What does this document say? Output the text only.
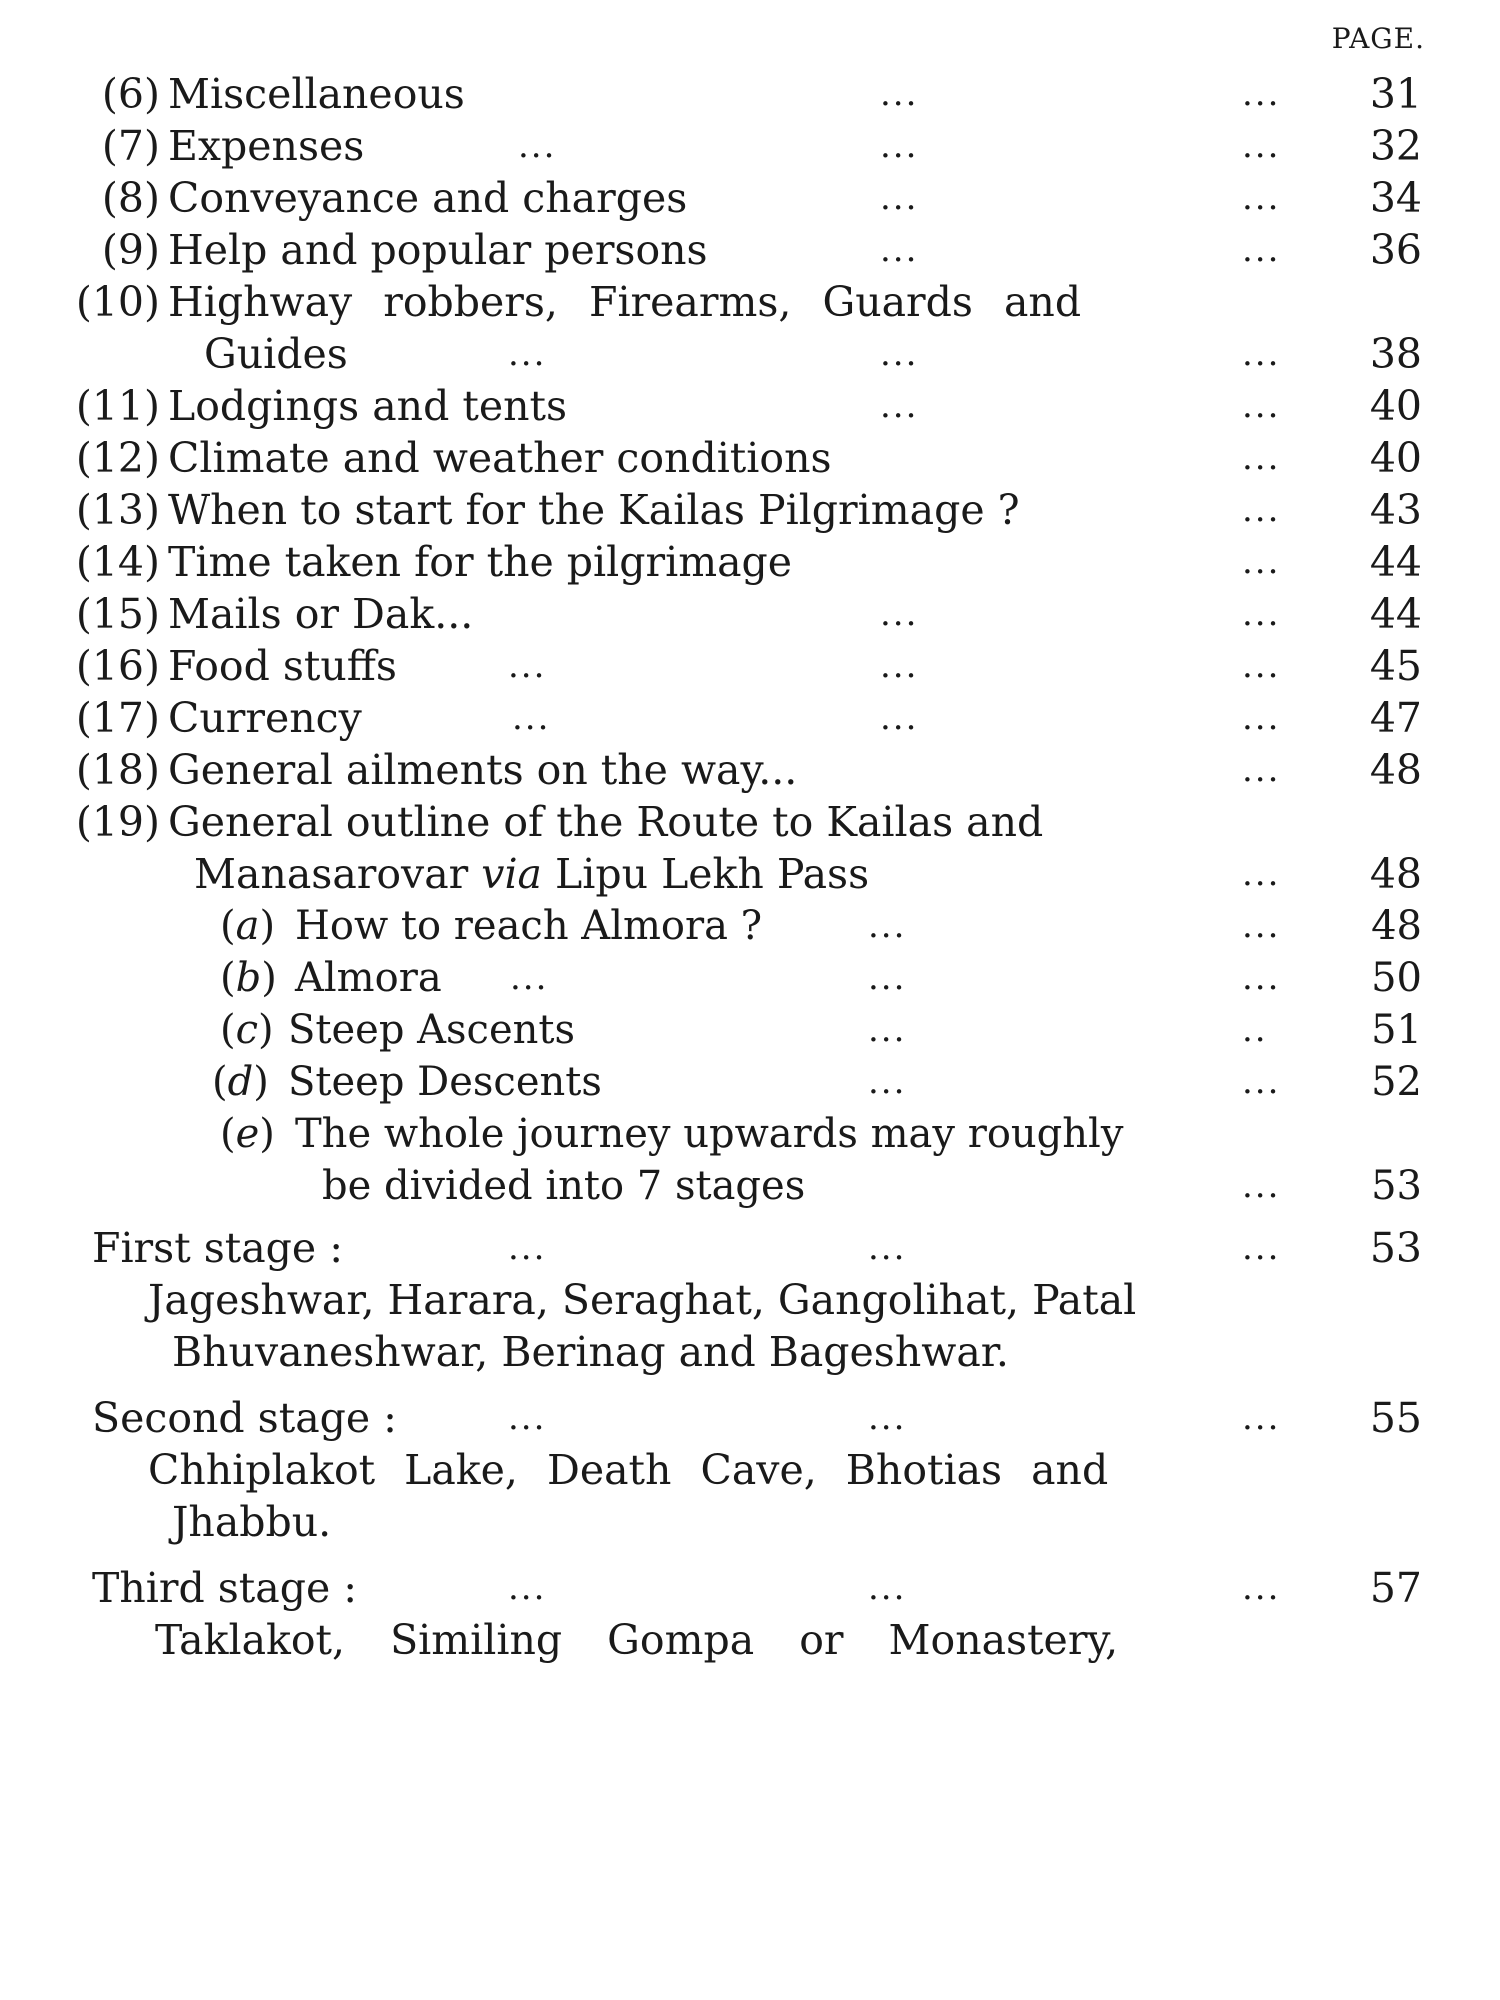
PAGE.
(6) Miscellaneous	...	... 31
(7) Expenses	...	...	... 32
(8) Conveyance and charges	...	... 34
(9) Help and popular persons	...	... 36
(10) Highway robbers, Firearms, Guards and
Guides	...	...	... 38
(11) Lodgings and tents	...	... 40
(12) Climate and weather conditions	... 40
(13) When to start for the Kailas Pilgrimage ?	... 43
(14) Time taken for the pilgrimage	... 44
(15) Mails or Dak...	...	... 44
(16) Food stuffs	...	...	... 45
(17) Currency	...	...	... 47
(18) General ailments on the way...	... 48
(19) General outline of the Route to Kailas and
Manasarovar via Lipu Lekh Pass	... 48
(a) How to reach Almora ?	...	... 48
(b) Almora ...	...	... 50
(c) Steep Ascents	...	..	51
(d) Steep Descents	...	... 52
(e) The whole journey upwards may roughly
be divided into 7 stages	... 53
First stage :	...	...	... 53
Jageshwar, Harara, Seraghat, Gangolihat, Patal
Bhuvaneshwar, Berinag and Bageshwar.
Second stage :	...	...	... 55
Chhiplakot Lake, Death Cave, Bhotias and
Jhabbu.
Third stage :	...	...	... 57
Taklakot, Similing Gompa or Monastery,
